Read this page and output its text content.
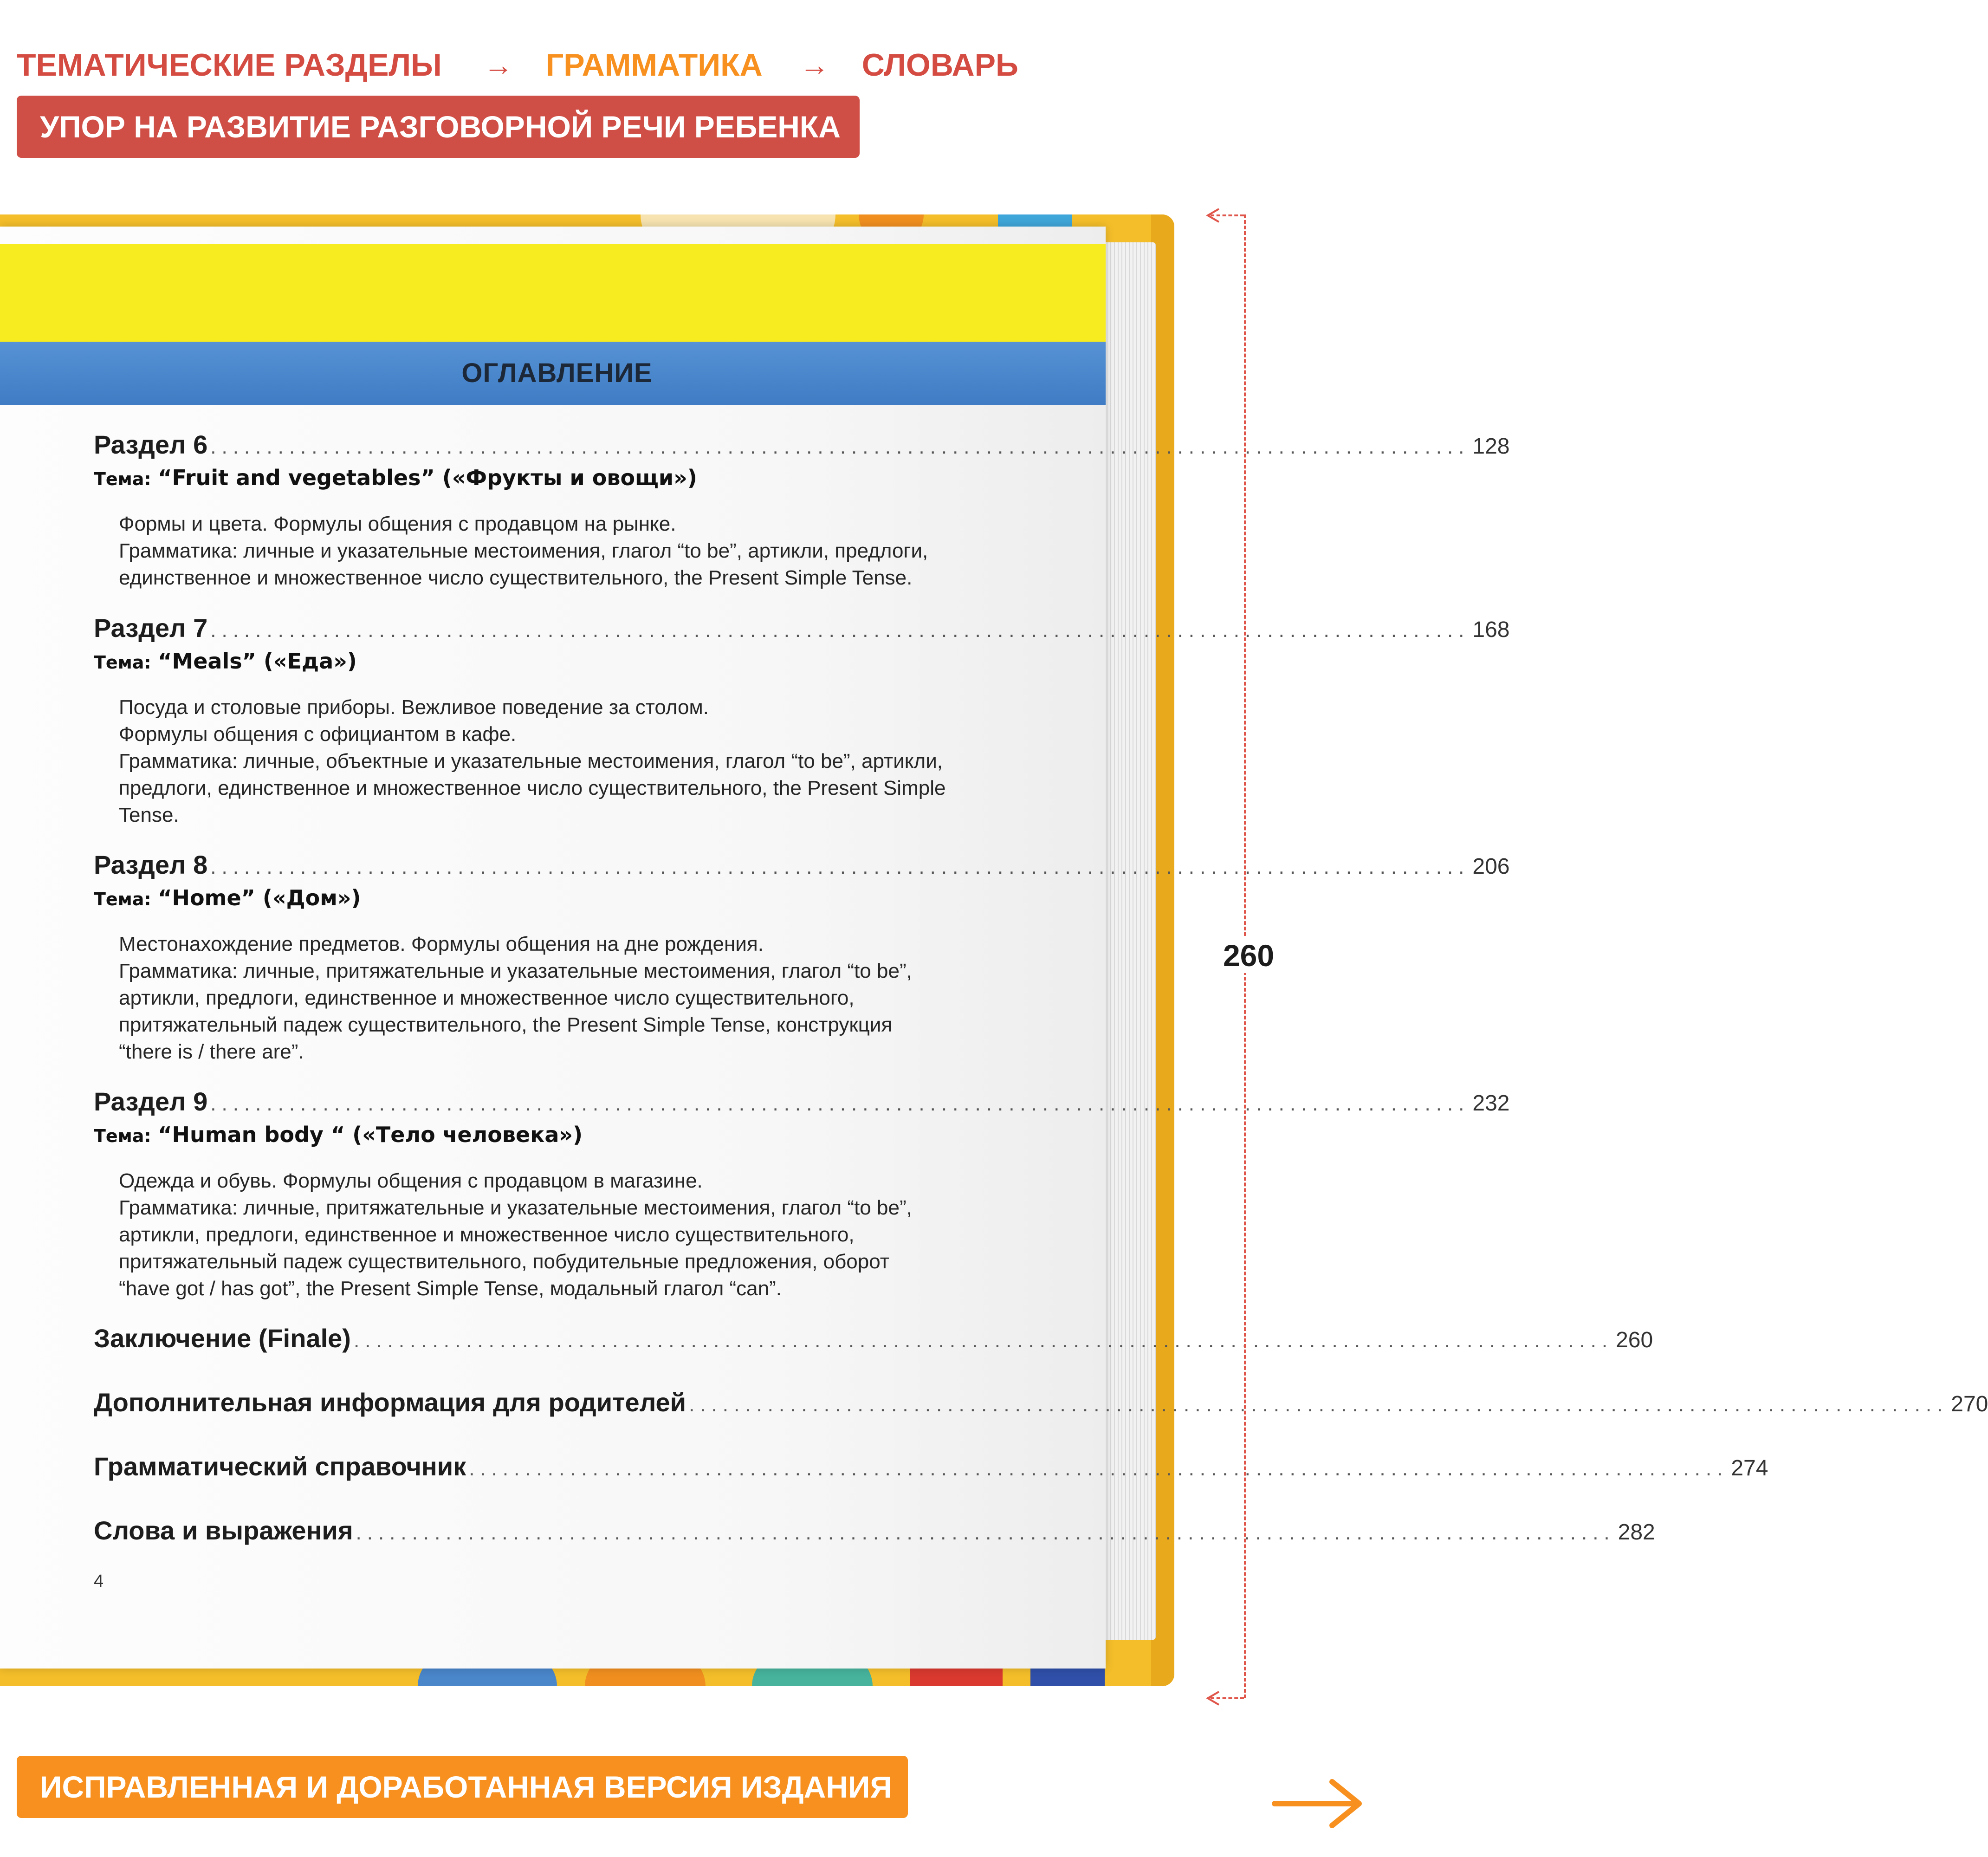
ТЕМАТИЧЕСКИЕ РАЗДЕЛЫ → ГРАММАТИКА → СЛОВАРЬ
УПОР НА РАЗВИТИЕ РАЗГОВОРНОЙ РЕЧИ РЕБЕНКА
ОГЛАВЛЕНИЕ
Раздел 6 ................................................................................................................ 128
Тема: “Fruit and vegetables” («Фрукты и овощи»)
Формы и цвета. Формулы общения с продавцом на рынке.
Грамматика: личные и указательные местоимения, глагол “to be”, артикли, предлоги,
единственное и множественное число существительного, the Present Simple Tense.
Раздел 7 ................................................................................................................ 168
Тема: “Meals” («Еда»)
Посуда и столовые приборы. Вежливое поведение за столом.
Формулы общения с официантом в кафе.
Грамматика: личные, объектные и указательные местоимения, глагол “to be”, артикли,
предлоги, единственное и множественное число существительного, the Present Simple
Tense.
Раздел 8 ................................................................................................................ 206
Тема: “Home” («Дом»)
Местонахождение предметов. Формулы общения на дне рождения.
Грамматика: личные, притяжательные и указательные местоимения, глагол “to be”,
артикли, предлоги, единственное и множественное число существительного,
притяжательный падеж существительного, the Present Simple Tense, конструкция
“there is / there are”.
Раздел 9 ................................................................................................................ 232
Тема: “Human body “ («Тело человека»)
Одежда и обувь. Формулы общения с продавцом в магазине.
Грамматика: личные, притяжательные и указательные местоимения, глагол “to be”,
артикли, предлоги, единственное и множественное число существительного,
притяжательный падеж существительного, побудительные предложения, оборот
“have got / has got”, the Present Simple Tense, модальный глагол “can”.
Заключение (Finale) ................................................................................................................ 260
Дополнительная информация для родителей ................................................................................................................ 270
Грамматический справочник ................................................................................................................ 274
Слова и выражения ................................................................................................................ 282
4
260
ИСПРАВЛЕННАЯ И ДОРАБОТАННАЯ ВЕРСИЯ ИЗДАНИЯ
